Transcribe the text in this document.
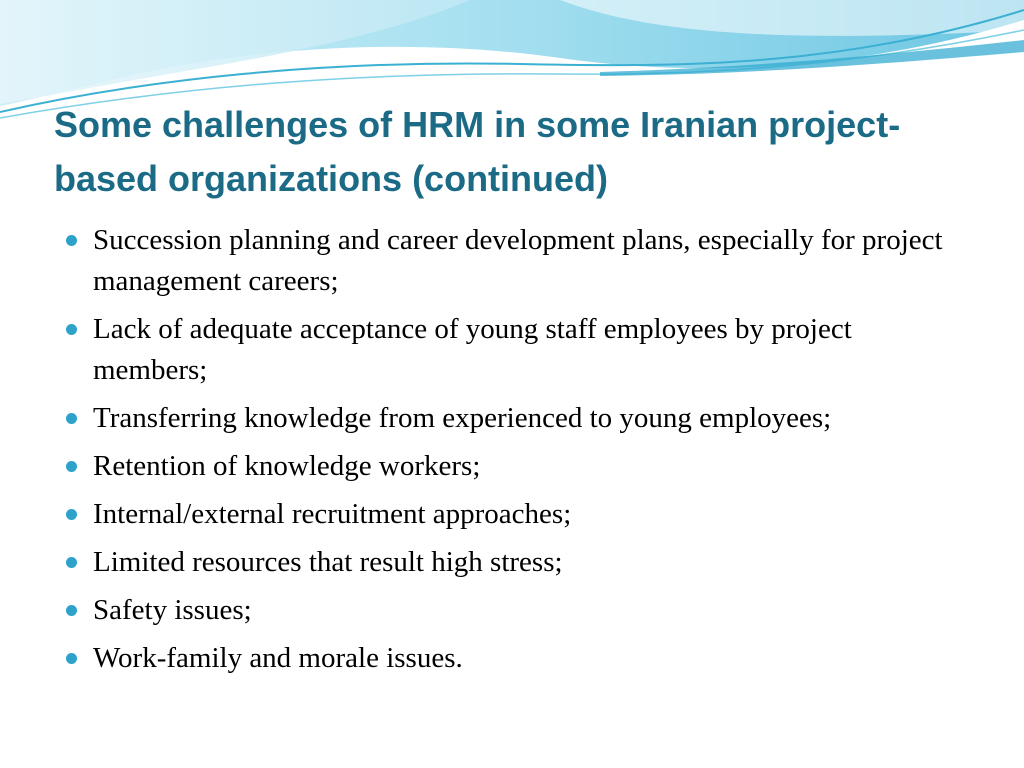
Some challenges of HRM in some Iranian project-based organizations (continued)
Succession planning and career development plans, especially for project management careers;
Lack of adequate acceptance of young staff employees by project members;
Transferring knowledge from experienced to young employees;
Retention of knowledge workers;
Internal/external recruitment approaches;
Limited resources that result high stress;
Safety issues;
Work-family and morale issues.
